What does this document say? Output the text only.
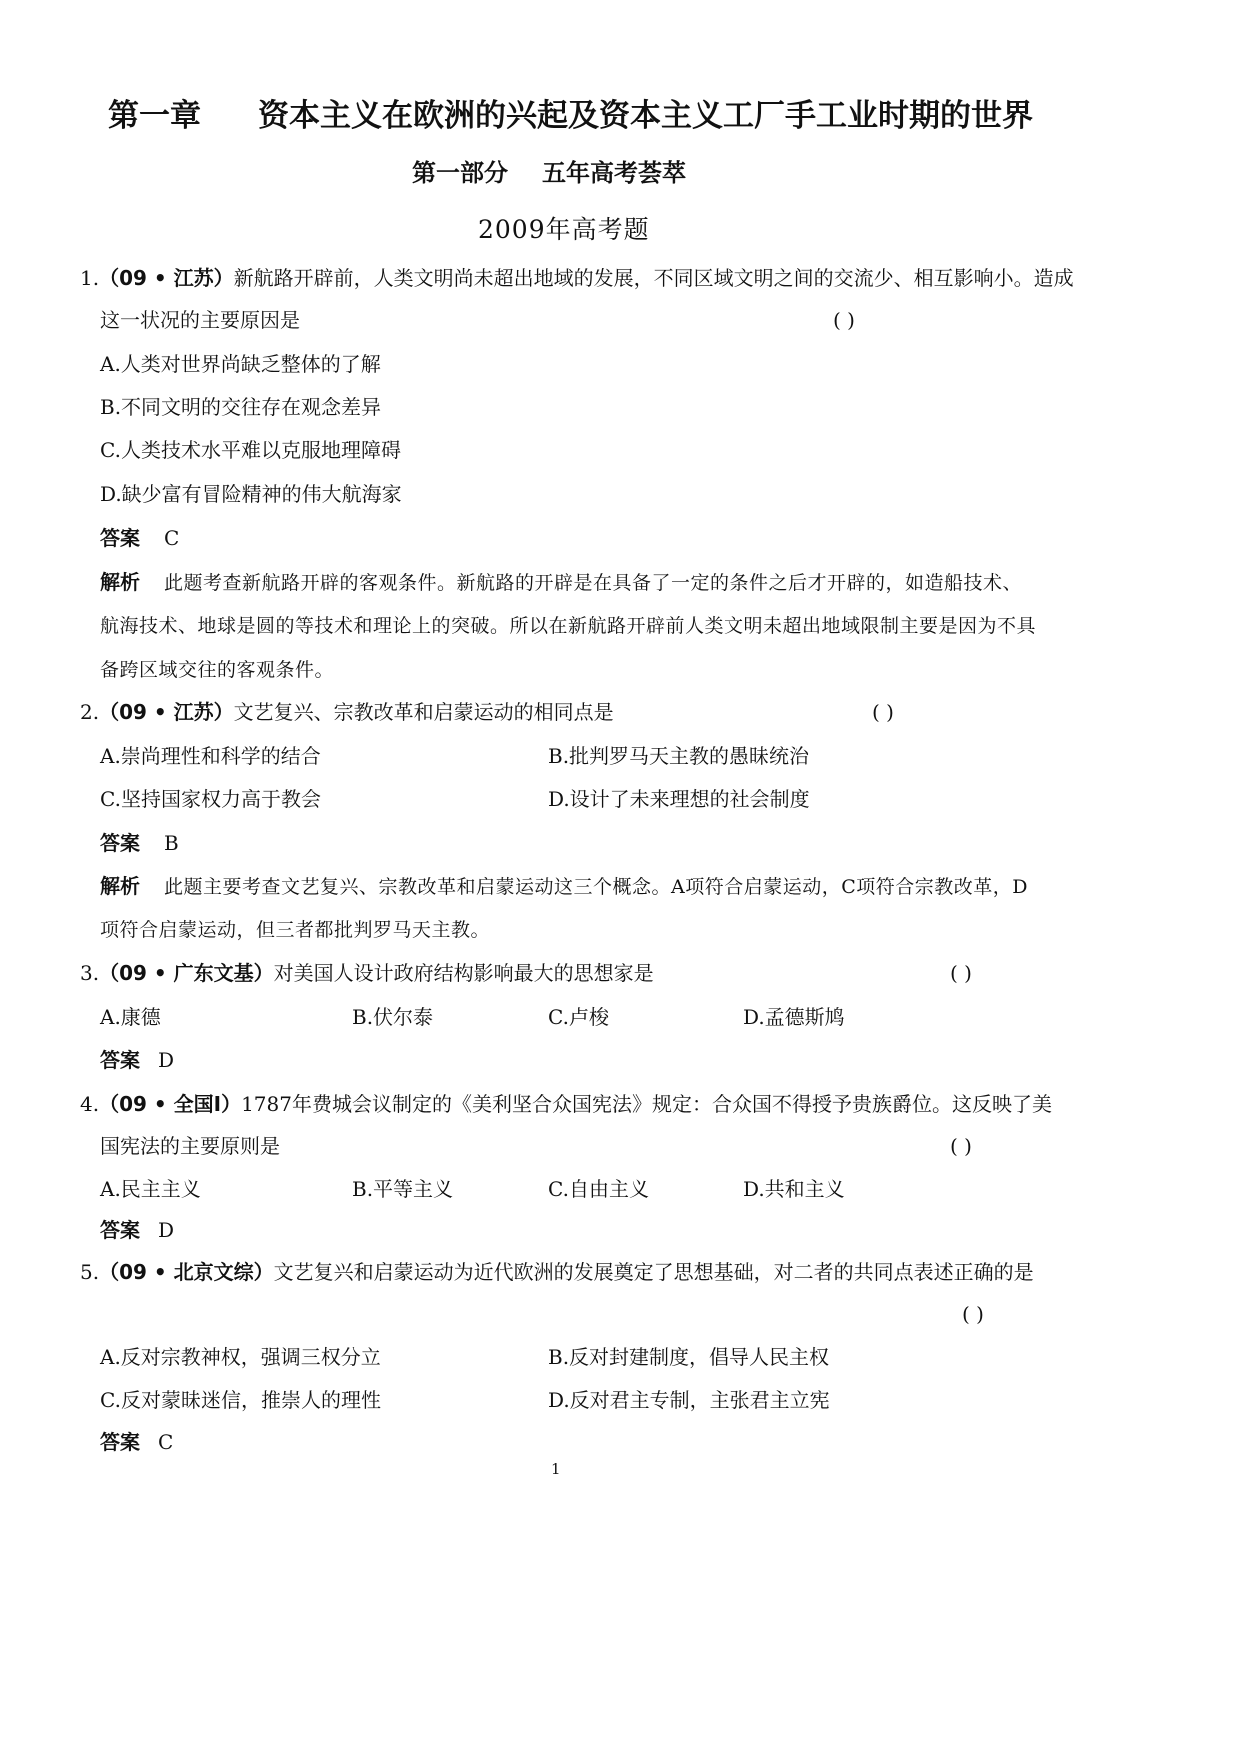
第一章 资本主义在欧洲的兴起及资本主义工厂手工业时期的世界
第一部分 五年高考荟萃
2009年高考题
1.（09 • 江苏）新航路开辟前，人类文明尚未超出地域的发展，不同区域文明之间的交流少、相互影响小。造成
这一状况的主要原因是	( )
A.人类对世界尚缺乏整体的了解
B.不同文明的交往存在观念差异
C.人类技术水平难以克服地理障碍
D.缺少富有冒险精神的伟大航海家
答案 C
解析 此题考查新航路开辟的客观条件。新航路的开辟是在具备了一定的条件之后才开辟的，如造船技术、
航海技术、地球是圆的等技术和理论上的突破。所以在新航路开辟前人类文明未超出地域限制主要是因为不具
备跨区域交往的客观条件。
2.（09 • 江苏）文艺复兴、宗教改革和启蒙运动的相同点是	( )
A.崇尚理性和科学的结合	B.批判罗马天主教的愚昧统治
C.坚持国家权力高于教会	D.设计了未来理想的社会制度
答案 B
解析 此题主要考查文艺复兴、宗教改革和启蒙运动这三个概念。A项符合启蒙运动，C项符合宗教改革，D
项符合启蒙运动，但三者都批判罗马天主教。
3.（09 • 广东文基）对美国人设计政府结构影响最大的思想家是	( )
A.康德	B.伏尔泰	C.卢梭	D.孟德斯鸠
答案 D
4.（09 • 全国Ⅰ）1787年费城会议制定的《美利坚合众国宪法》规定：合众国不得授予贵族爵位。这反映了美
国宪法的主要原则是	( )
A.民主主义	B.平等主义	C.自由主义	D.共和主义
答案 D
5.（09 • 北京文综）文艺复兴和启蒙运动为近代欧洲的发展奠定了思想基础，对二者的共同点表述正确的是
( )
A.反对宗教神权，强调三权分立	B.反对封建制度，倡导人民主权
C.反对蒙昧迷信，推崇人的理性	D.反对君主专制，主张君主立宪
答案 C
1
